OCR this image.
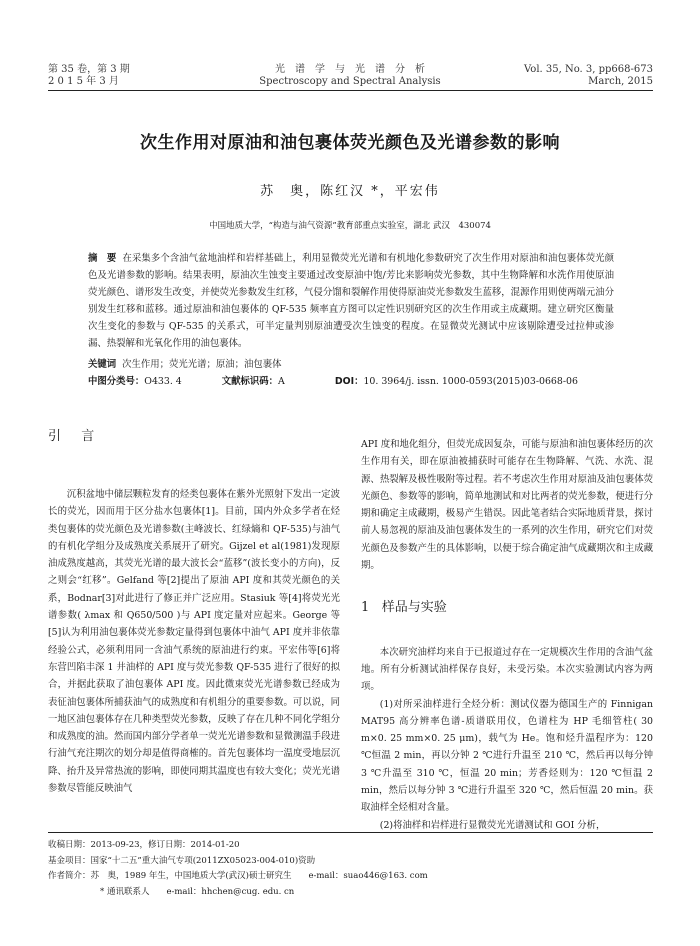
第 35 卷，第 3 期
2 0 1 5 年 3 月
光　谱　学　与　光　谱　分　析
Spectroscopy and Spectral Analysis
Vol. 35, No. 3, pp668-673
March, 2015
次生作用对原油和油包裹体荧光颜色及光谱参数的影响
苏　奥，陈红汉 *，平宏伟
中国地质大学，“构造与油气资源”教育部重点实验室，湖北 武汉　430074
摘　要 在采集多个含油气盆地油样和岩样基础上，利用显微荧光光谱和有机地化参数研究了次生作用对原油和油包裹体荧光颜色及光谱参数的影响。结果表明，原油次生蚀变主要通过改变原油中饱/芳比来影响荧光参数，其中生物降解和水洗作用使原油荧光颜色、谱形发生改变，并使荧光参数发生红移，气侵分馏和裂解作用使得原油荧光参数发生蓝移，混源作用则使两端元油分别发生红移和蓝移。通过原油和油包裹体的 QF-535 频率直方图可以定性识别研究区的次生作用或主成藏期。建立研究区衡量次生变化的参数与 QF-535 的关系式，可半定量判别原油遭受次生蚀变的程度。在显微荧光测试中应该剔除遭受过拉伸或渗漏、热裂解和光氧化作用的油包裹体。
关键词 次生作用；荧光光谱；原油；油包裹体
中图分类号：O433. 4	文献标识码：A	DOI：10. 3964/j. issn. 1000-0593(2015)03-0668-06
引 言

沉积盆地中储层颗粒发育的烃类包裹体在紫外光照射下发出一定波长的荧光，因而用于区分盐水包裹体[1]。目前，国内外众多学者在烃类包裹体的荧光颜色及光谱参数(主峰波长、红绿熵和 QF-535)与油气的有机化学组分及成熟度关系展开了研究。Gijzel et al(1981)发现原油成熟度越高，其荧光光谱的最大波长会“蓝移”(波长变小的方向)，反之则会“红移”。Gelfand 等[2]提出了原油 API 度和其荧光颜色的关系，Bodnar[3]对此进行了修正并广泛应用。Stasiuk 等[4]将荧光光谱参数( λmax 和 Q650/500 )与 API 度定量对应起来。George 等[5]认为利用油包裹体荧光参数定量得到包裹体中油气 API 度并非依靠经验公式，必须利用同一含油气系统的原油进行约束。平宏伟等[6]将东营凹陷丰深 1 井油样的 API 度与荧光参数 QF-535 进行了很好的拟合，并据此获取了油包裹体 API 度。因此微束荧光光谱参数已经成为表征油包裹体所捕获油气的成熟度和有机组分的重要参数。可以说，同一地区油包裹体存在几种类型荧光参数，反映了存在几种不同化学组分和成熟度的油。然而国内部分学者单一荧光光谱参数和显微测温手段进行油气充注期次的划分却是值得商榷的。首先包裹体均一温度受地层沉降、抬升及异常热流的影响，即使同期其温度也有较大变化；荧光光谱参数尽管能反映油气

API 度和地化组分，但荧光成因复杂，可能与原油和油包裹体经历的次生作用有关，即在原油被捕获时可能存在生物降解、气洗、水洗、混源、热裂解及极性吸附等过程。若不考虑次生作用对原油及油包裹体荧光颜色、参数等的影响，简单地测试和对比两者的荧光参数，便进行分期和确定主成藏期，极易产生错误。因此笔者结合实际地质背景，探讨前人易忽视的原油及油包裹体发生的一系列的次生作用，研究它们对荧光颜色及参数产生的具体影响，以便于综合确定油气成藏期次和主成藏期。

1 样品与实验

本次研究油样均来自于已报道过存在一定规模次生作用的含油气盆地。所有分析测试油样保存良好，未受污染。本次实验测试内容为两项。

(1)对所采油样进行全烃分析：测试仪器为德国生产的 Finnigan MAT95 高分辨率色谱-质谱联用仪，色谱柱为 HP 毛细管柱( 30 m×0. 25 mm×0. 25 μm)，载气为 He。饱和烃升温程序为：120 ℃恒温 2 min，再以分钟 2 ℃进行升温至 210 ℃，然后再以每分钟 3 ℃升温至 310 ℃，恒温 20 min；芳香烃则为：120 ℃恒温 2 min，然后以每分钟 3 ℃进行升温至 320 ℃，然后恒温 20 min。获取油样全烃相对含量。

(2)将油样和岩样进行显微荧光光谱测试和 GOI 分析，

收稿日期：2013-09-23，修订日期：2014-01-20
基金项目：国家“十二五”重大油气专项(2011ZX05023-004-010)资助
作者简介：苏　奥，1989 年生，中国地质大学(武汉)硕士研究生　　e-mail：suao446@163. com
* 通讯联系人　　e-mail：hhchen@cug. edu. cn
